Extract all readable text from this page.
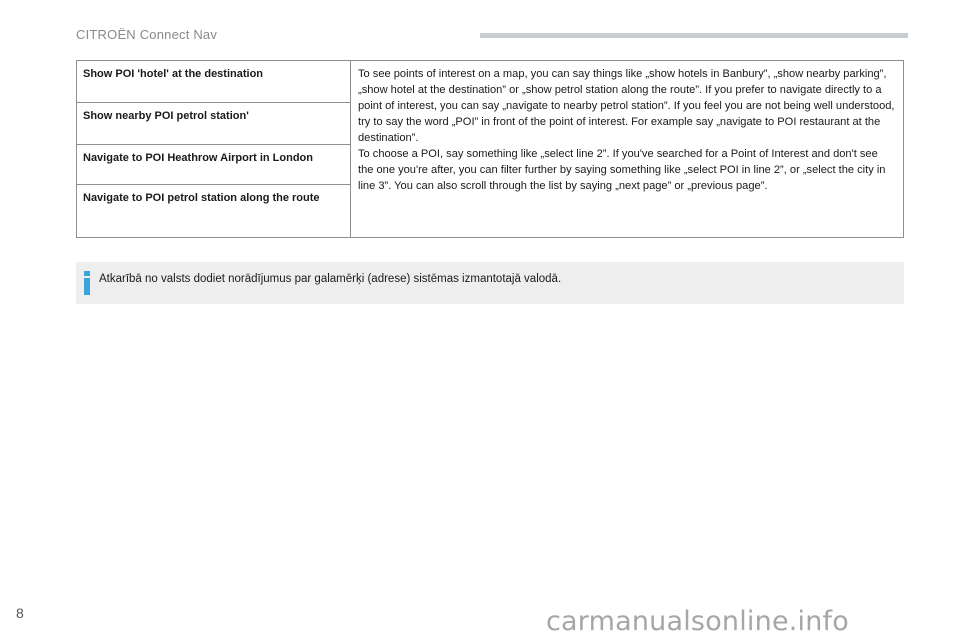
CITROËN Connect Nav
Show POI 'hotel' at the destination
Show nearby POI petrol station'
Navigate to POI Heathrow Airport in London
Navigate to POI petrol station along the route

To see points of interest on a map, you can say things like „show hotels in Banbury”, „show nearby parking”, „show hotel at the destination” or „show petrol station along the route”. If you prefer to navigate directly to a point of interest, you can say „navigate to nearby petrol station”. If you feel you are not being well understood, try to say the word „POI” in front of the point of interest. For example say „navigate to POI restaurant at the destination”.

To choose a POI, say something like „select line 2”. If you've searched for a Point of Interest and don't see the one you're after, you can filter further by saying something like „select POI in line 2”, or „select the city in line 3”. You can also scroll through the list by saying „next page” or „previous page”.

Atkarībā no valsts dodiet norādījumus par galamērķi (adrese) sistēmas izmantotajā valodā.
8	carmanualsonline.info
